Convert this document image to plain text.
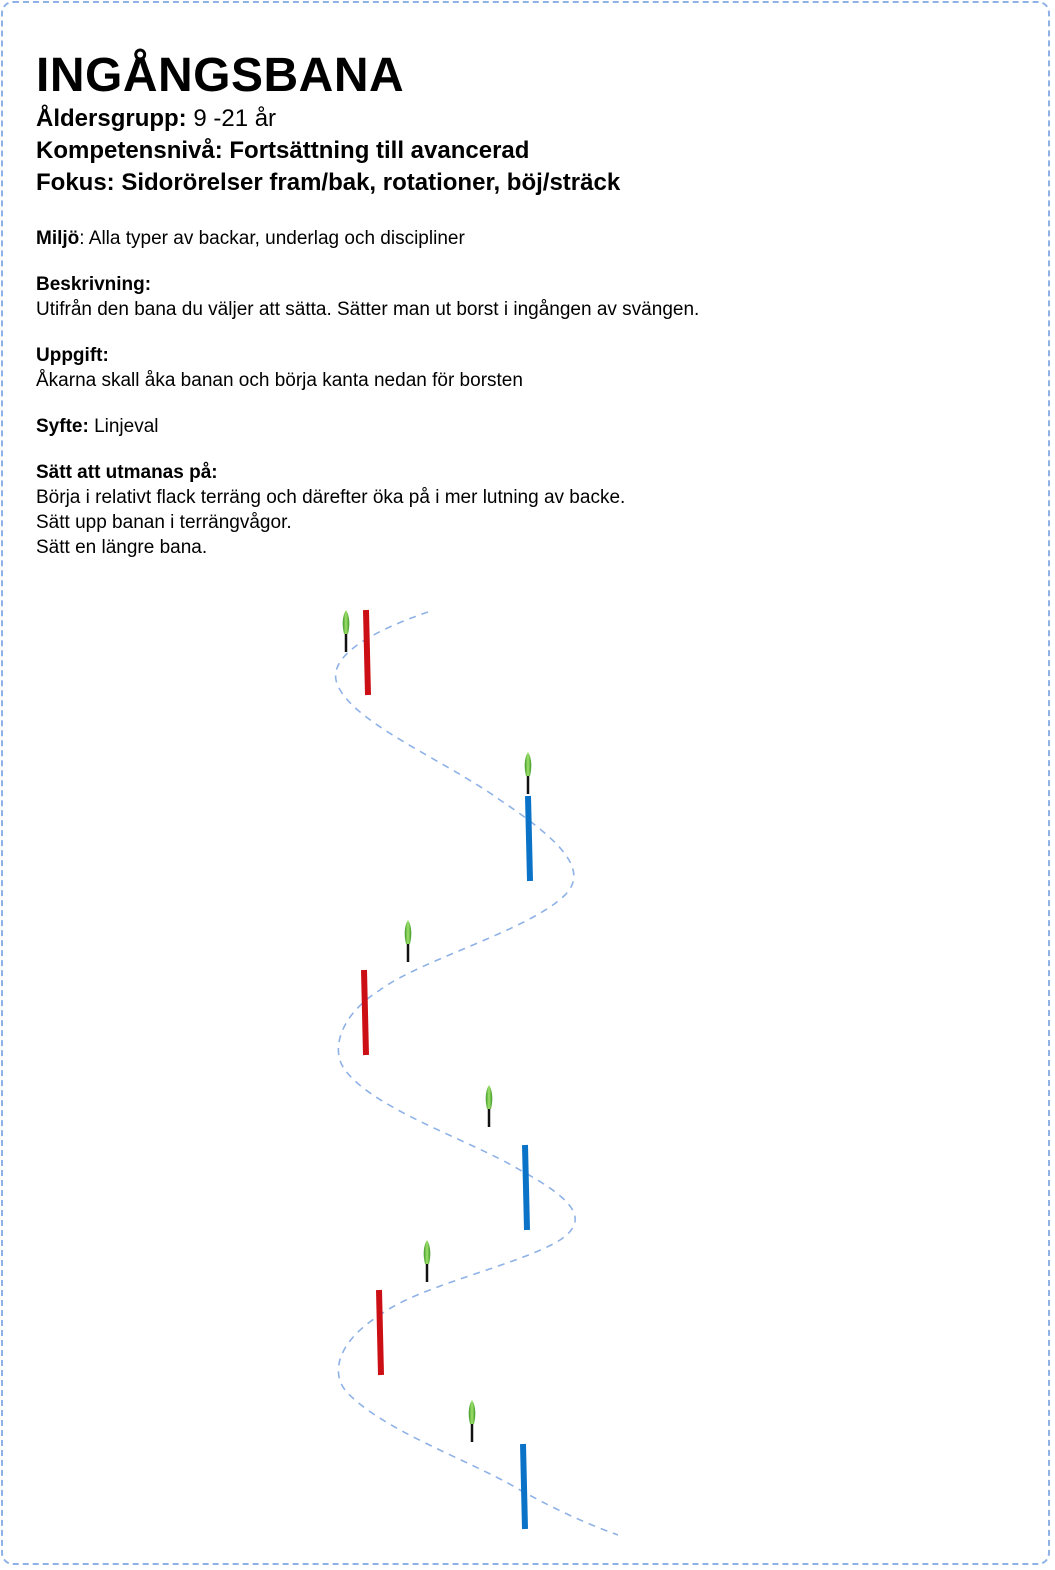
INGÅNGSBANA
Åldersgrupp: 9 -21 år
Kompetensnivå: Fortsättning till avancerad
Fokus: Sidorörelser fram/bak, rotationer, böj/sträck
Miljö: Alla typer av backar, underlag och discipliner
Beskrivning:
Utifrån den bana du väljer att sätta. Sätter man ut borst i ingången av svängen.
Uppgift:
Åkarna skall åka banan och börja kanta nedan för borsten
Syfte: Linjeval
Sätt att utmanas på:
Börja i relativt flack terräng och därefter öka på i mer lutning av backe.
Sätt upp banan i terrängvågor.
Sätt en längre bana.
